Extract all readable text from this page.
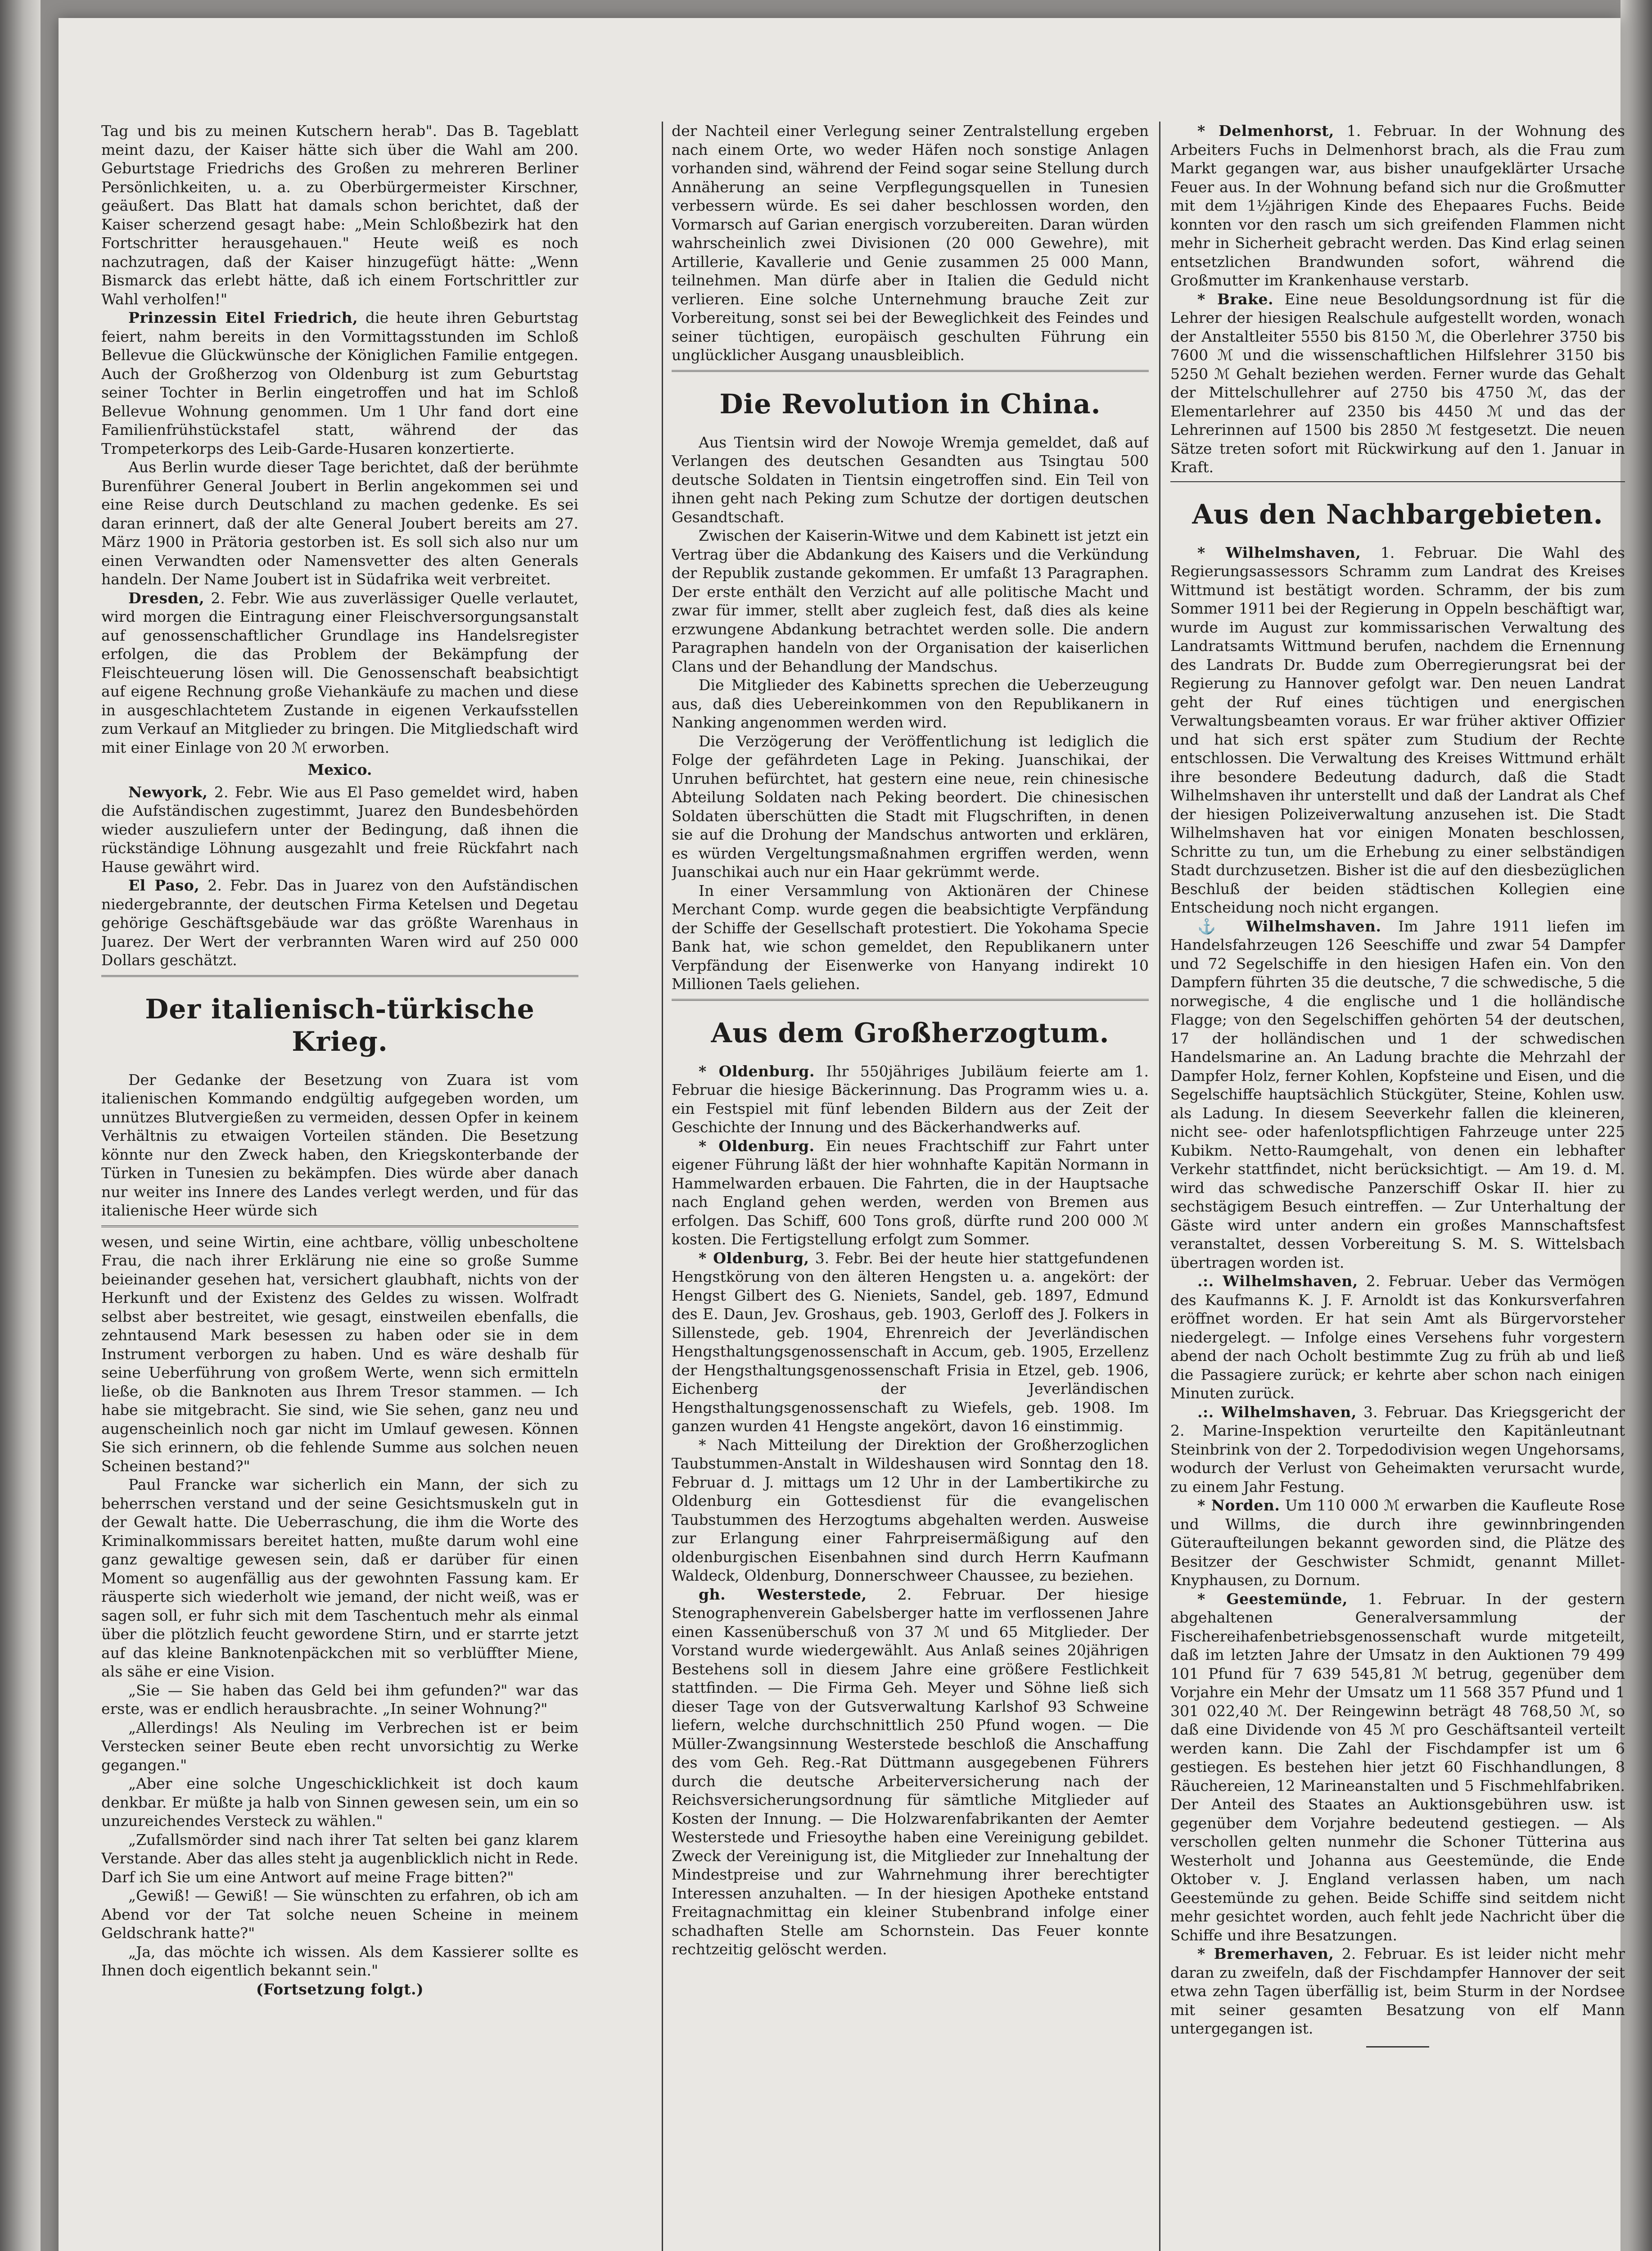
Tag und bis zu meinen Kutschern herab". Das B. Tageblatt meint dazu, der Kaiser hätte sich über die Wahl am 200. Geburtstage Friedrichs des Großen zu mehreren Berliner Persönlichkeiten, u. a. zu Oberbürgermeister Kirschner, geäußert. Das Blatt hat damals schon berichtet, daß der Kaiser scherzend gesagt habe: „Mein Schloßbezirk hat den Fortschritter herausgehauen." Heute weiß es noch nachzutragen, daß der Kaiser hinzugefügt hätte: „Wenn Bismarck das erlebt hätte, daß ich einem Fortschrittler zur Wahl verholfen!"

Prinzessin Eitel Friedrich, die heute ihren Geburtstag feiert, nahm bereits in den Vormittagsstunden im Schloß Bellevue die Glückwünsche der Königlichen Familie entgegen. Auch der Großherzog von Oldenburg ist zum Geburtstag seiner Tochter in Berlin eingetroffen und hat im Schloß Bellevue Wohnung genommen. Um 1 Uhr fand dort eine Familienfrühstückstafel statt, während der das Trompeterkorps des Leib-Garde-Husaren konzertierte.

Aus Berlin wurde dieser Tage berichtet, daß der berühmte Burenführer General Joubert in Berlin angekommen sei und eine Reise durch Deutschland zu machen gedenke. Es sei daran erinnert, daß der alte General Joubert bereits am 27. März 1900 in Prätoria gestorben ist. Es soll sich also nur um einen Verwandten oder Namensvetter des alten Generals handeln. Der Name Joubert ist in Südafrika weit verbreitet.

Dresden, 2. Febr. Wie aus zuverlässiger Quelle verlautet, wird morgen die Eintragung einer Fleischversorgungsanstalt auf genossenschaftlicher Grundlage ins Handelsregister erfolgen, die das Problem der Bekämpfung der Fleischteuerung lösen will. Die Genossenschaft beabsichtigt auf eigene Rechnung große Viehankäufe zu machen und diese in ausgeschlachtetem Zustande in eigenen Verkaufsstellen zum Verkauf an Mitglieder zu bringen. Die Mitgliedschaft wird mit einer Einlage von 20 ℳ erworben.

Mexico.

Newyork, 2. Febr. Wie aus El Paso gemeldet wird, haben die Aufständischen zugestimmt, Juarez den Bundesbehörden wieder auszuliefern unter der Bedingung, daß ihnen die rückständige Löhnung ausgezahlt und freie Rückfahrt nach Hause gewährt wird.

El Paso, 2. Febr. Das in Juarez von den Aufständischen niedergebrannte, der deutschen Firma Ketelsen und Degetau gehörige Geschäftsgebäude war das größte Warenhaus in Juarez. Der Wert der verbrannten Waren wird auf 250 000 Dollars geschätzt.

Der italienisch-türkische Krieg.

Der Gedanke der Besetzung von Zuara ist vom italienischen Kommando endgültig aufgegeben worden, um unnützes Blutvergießen zu vermeiden, dessen Opfer in keinem Verhältnis zu etwaigen Vorteilen ständen. Die Besetzung könnte nur den Zweck haben, den Kriegskonterbande der Türken in Tunesien zu bekämpfen. Dies würde aber danach nur weiter ins Innere des Landes verlegt werden, und für das italienische Heer würde sich

wesen, und seine Wirtin, eine achtbare, völlig unbescholtene Frau, die nach ihrer Erklärung nie eine so große Summe beieinander gesehen hat, versichert glaubhaft, nichts von der Herkunft und der Existenz des Geldes zu wissen. Wolfradt selbst aber bestreitet, wie gesagt, einstweilen ebenfalls, die zehntausend Mark besessen zu haben oder sie in dem Instrument verborgen zu haben. Und es wäre deshalb für seine Ueberführung von großem Werte, wenn sich ermitteln ließe, ob die Banknoten aus Ihrem Tresor stammen. — Ich habe sie mitgebracht. Sie sind, wie Sie sehen, ganz neu und augenscheinlich noch gar nicht im Umlauf gewesen. Können Sie sich erinnern, ob die fehlende Summe aus solchen neuen Scheinen bestand?"

Paul Francke war sicherlich ein Mann, der sich zu beherrschen verstand und der seine Gesichtsmuskeln gut in der Gewalt hatte. Die Ueberraschung, die ihm die Worte des Kriminalkommissars bereitet hatten, mußte darum wohl eine ganz gewaltige gewesen sein, daß er darüber für einen Moment so augenfällig aus der gewohnten Fassung kam. Er räusperte sich wiederholt wie jemand, der nicht weiß, was er sagen soll, er fuhr sich mit dem Taschentuch mehr als einmal über die plötzlich feucht gewordene Stirn, und er starrte jetzt auf das kleine Banknotenpäckchen mit so verblüffter Miene, als sähe er eine Vision.

„Sie — Sie haben das Geld bei ihm gefunden?" war das erste, was er endlich herausbrachte. „In seiner Wohnung?"

„Allerdings! Als Neuling im Verbrechen ist er beim Verstecken seiner Beute eben recht unvorsichtig zu Werke gegangen."

„Aber eine solche Ungeschicklichkeit ist doch kaum denkbar. Er müßte ja halb von Sinnen gewesen sein, um ein so unzureichendes Versteck zu wählen."

„Zufallsmörder sind nach ihrer Tat selten bei ganz klarem Verstande. Aber das alles steht ja augenblicklich nicht in Rede. Darf ich Sie um eine Antwort auf meine Frage bitten?"

„Gewiß! — Gewiß! — Sie wünschten zu erfahren, ob ich am Abend vor der Tat solche neuen Scheine in meinem Geldschrank hatte?"

„Ja, das möchte ich wissen. Als dem Kassierer sollte es Ihnen doch eigentlich bekannt sein."

(Fortsetzung folgt.)

der Nachteil einer Verlegung seiner Zentralstellung ergeben nach einem Orte, wo weder Häfen noch sonstige Anlagen vorhanden sind, während der Feind sogar seine Stellung durch Annäherung an seine Verpflegungsquellen in Tunesien verbessern würde. Es sei daher beschlossen worden, den Vormarsch auf Garian energisch vorzubereiten. Daran würden wahrscheinlich zwei Divisionen (20 000 Gewehre), mit Artillerie, Kavallerie und Genie zusammen 25 000 Mann, teilnehmen. Man dürfe aber in Italien die Geduld nicht verlieren. Eine solche Unternehmung brauche Zeit zur Vorbereitung, sonst sei bei der Beweglichkeit des Feindes und seiner tüchtigen, europäisch geschulten Führung ein unglücklicher Ausgang unausbleiblich.

Die Revolution in China.

Aus Tientsin wird der Nowoje Wremja gemeldet, daß auf Verlangen des deutschen Gesandten aus Tsingtau 500 deutsche Soldaten in Tientsin eingetroffen sind. Ein Teil von ihnen geht nach Peking zum Schutze der dortigen deutschen Gesandtschaft.

Zwischen der Kaiserin-Witwe und dem Kabinett ist jetzt ein Vertrag über die Abdankung des Kaisers und die Verkündung der Republik zustande gekommen. Er umfaßt 13 Paragraphen. Der erste enthält den Verzicht auf alle politische Macht und zwar für immer, stellt aber zugleich fest, daß dies als keine erzwungene Abdankung betrachtet werden solle. Die andern Paragraphen handeln von der Organisation der kaiserlichen Clans und der Behandlung der Mandschus.

Die Mitglieder des Kabinetts sprechen die Ueberzeugung aus, daß dies Uebereinkommen von den Republikanern in Nanking angenommen werden wird.

Die Verzögerung der Veröffentlichung ist lediglich die Folge der gefährdeten Lage in Peking. Juanschikai, der Unruhen befürchtet, hat gestern eine neue, rein chinesische Abteilung Soldaten nach Peking beordert. Die chinesischen Soldaten überschütten die Stadt mit Flugschriften, in denen sie auf die Drohung der Mandschus antworten und erklären, es würden Vergeltungsmaßnahmen ergriffen werden, wenn Juanschikai auch nur ein Haar gekrümmt werde.

In einer Versammlung von Aktionären der Chinese Merchant Comp. wurde gegen die beabsichtigte Verpfändung der Schiffe der Gesellschaft protestiert. Die Yokohama Specie Bank hat, wie schon gemeldet, den Republikanern unter Verpfändung der Eisenwerke von Hanyang indirekt 10 Millionen Taels geliehen.

Aus dem Großherzogtum.

* Oldenburg. Ihr 550jähriges Jubiläum feierte am 1. Februar die hiesige Bäckerinnung. Das Programm wies u. a. ein Festspiel mit fünf lebenden Bildern aus der Zeit der Geschichte der Innung und des Bäckerhandwerks auf.

* Oldenburg. Ein neues Frachtschiff zur Fahrt unter eigener Führung läßt der hier wohnhafte Kapitän Normann in Hammelwarden erbauen. Die Fahrten, die in der Hauptsache nach England gehen werden, werden von Bremen aus erfolgen. Das Schiff, 600 Tons groß, dürfte rund 200 000 ℳ kosten. Die Fertigstellung erfolgt zum Sommer.

* Oldenburg, 3. Febr. Bei der heute hier stattgefundenen Hengstkörung von den älteren Hengsten u. a. angekört: der Hengst Gilbert des G. Nieniets, Sandel, geb. 1897, Edmund des E. Daun, Jev. Groshaus, geb. 1903, Gerloff des J. Folkers in Sillenstede, geb. 1904, Ehrenreich der Jeverländischen Hengsthaltungsgenossenschaft in Accum, geb. 1905, Erzellenz der Hengsthaltungsgenossenschaft Frisia in Etzel, geb. 1906, Eichenberg der Jeverländischen Hengsthaltungsgenossenschaft zu Wiefels, geb. 1908. Im ganzen wurden 41 Hengste angekört, davon 16 einstimmig.

* Nach Mitteilung der Direktion der Großherzoglichen Taubstummen-Anstalt in Wildeshausen wird Sonntag den 18. Februar d. J. mittags um 12 Uhr in der Lambertikirche zu Oldenburg ein Gottesdienst für die evangelischen Taubstummen des Herzogtums abgehalten werden. Ausweise zur Erlangung einer Fahrpreisermäßigung auf den oldenburgischen Eisenbahnen sind durch Herrn Kaufmann Waldeck, Oldenburg, Donnerschweer Chaussee, zu beziehen.

gh. Westerstede, 2. Februar. Der hiesige Stenographenverein Gabelsberger hatte im verflossenen Jahre einen Kassenüberschuß von 37 ℳ und 65 Mitglieder. Der Vorstand wurde wiedergewählt. Aus Anlaß seines 20jährigen Bestehens soll in diesem Jahre eine größere Festlichkeit stattfinden. — Die Firma Geh. Meyer und Söhne ließ sich dieser Tage von der Gutsverwaltung Karlshof 93 Schweine liefern, welche durchschnittlich 250 Pfund wogen. — Die Müller-Zwangsinnung Westerstede beschloß die Anschaffung des vom Geh. Reg.-Rat Düttmann ausgegebenen Führers durch die deutsche Arbeiterversicherung nach der Reichsversicherungsordnung für sämtliche Mitglieder auf Kosten der Innung. — Die Holzwarenfabrikanten der Aemter Westerstede und Friesoythe haben eine Vereinigung gebildet. Zweck der Vereinigung ist, die Mitglieder zur Innehaltung der Mindestpreise und zur Wahrnehmung ihrer berechtigter Interessen anzuhalten. — In der hiesigen Apotheke entstand Freitagnachmittag ein kleiner Stubenbrand infolge einer schadhaften Stelle am Schornstein. Das Feuer konnte rechtzeitig gelöscht werden.

* Delmenhorst, 1. Februar. In der Wohnung des Arbeiters Fuchs in Delmenhorst brach, als die Frau zum Markt gegangen war, aus bisher unaufgeklärter Ursache Feuer aus. In der Wohnung befand sich nur die Großmutter mit dem 1½jährigen Kinde des Ehepaares Fuchs. Beide konnten vor den rasch um sich greifenden Flammen nicht mehr in Sicherheit gebracht werden. Das Kind erlag seinen entsetzlichen Brandwunden sofort, während die Großmutter im Krankenhause verstarb.

* Brake. Eine neue Besoldungsordnung ist für die Lehrer der hiesigen Realschule aufgestellt worden, wonach der Anstaltleiter 5550 bis 8150 ℳ, die Oberlehrer 3750 bis 7600 ℳ und die wissenschaftlichen Hilfslehrer 3150 bis 5250 ℳ Gehalt beziehen werden. Ferner wurde das Gehalt der Mittelschullehrer auf 2750 bis 4750 ℳ, das der Elementarlehrer auf 2350 bis 4450 ℳ und das der Lehrerinnen auf 1500 bis 2850 ℳ festgesetzt. Die neuen Sätze treten sofort mit Rückwirkung auf den 1. Januar in Kraft.

Aus den Nachbargebieten.

* Wilhelmshaven, 1. Februar. Die Wahl des Regierungsassessors Schramm zum Landrat des Kreises Wittmund ist bestätigt worden. Schramm, der bis zum Sommer 1911 bei der Regierung in Oppeln beschäftigt war, wurde im August zur kommissarischen Verwaltung des Landratsamts Wittmund berufen, nachdem die Ernennung des Landrats Dr. Budde zum Oberregierungsrat bei der Regierung zu Hannover gefolgt war. Den neuen Landrat geht der Ruf eines tüchtigen und energischen Verwaltungsbeamten voraus. Er war früher aktiver Offizier und hat sich erst später zum Studium der Rechte entschlossen. Die Verwaltung des Kreises Wittmund erhält ihre besondere Bedeutung dadurch, daß die Stadt Wilhelmshaven ihr unterstellt und daß der Landrat als Chef der hiesigen Polizeiverwaltung anzusehen ist. Die Stadt Wilhelmshaven hat vor einigen Monaten beschlossen, Schritte zu tun, um die Erhebung zu einer selbständigen Stadt durchzusetzen. Bisher ist die auf den diesbezüglichen Beschluß der beiden städtischen Kollegien eine Entscheidung noch nicht ergangen.

⚓ Wilhelmshaven. Im Jahre 1911 liefen im Handelsfahrzeugen 126 Seeschiffe und zwar 54 Dampfer und 72 Segelschiffe in den hiesigen Hafen ein. Von den Dampfern führten 35 die deutsche, 7 die schwedische, 5 die norwegische, 4 die englische und 1 die holländische Flagge; von den Segelschiffen gehörten 54 der deutschen, 17 der holländischen und 1 der schwedischen Handelsmarine an. An Ladung brachte die Mehrzahl der Dampfer Holz, ferner Kohlen, Kopfsteine und Eisen, und die Segelschiffe hauptsächlich Stückgüter, Steine, Kohlen usw. als Ladung. In diesem Seeverkehr fallen die kleineren, nicht see- oder hafenlotspflichtigen Fahrzeuge unter 225 Kubikm. Netto-Raumgehalt, von denen ein lebhafter Verkehr stattfindet, nicht berücksichtigt. — Am 19. d. M. wird das schwedische Panzerschiff Oskar II. hier zu sechstägigem Besuch eintreffen. — Zur Unterhaltung der Gäste wird unter andern ein großes Mannschaftsfest veranstaltet, dessen Vorbereitung S. M. S. Wittelsbach übertragen worden ist.

.:. Wilhelmshaven, 2. Februar. Ueber das Vermögen des Kaufmanns K. J. F. Arnoldt ist das Konkursverfahren eröffnet worden. Er hat sein Amt als Bürgervorsteher niedergelegt. — Infolge eines Versehens fuhr vorgestern abend der nach Ocholt bestimmte Zug zu früh ab und ließ die Passagiere zurück; er kehrte aber schon nach einigen Minuten zurück.

.:. Wilhelmshaven, 3. Februar. Das Kriegsgericht der 2. Marine-Inspektion verurteilte den Kapitänleutnant Steinbrink von der 2. Torpedodivision wegen Ungehorsams, wodurch der Verlust von Geheimakten verursacht wurde, zu einem Jahr Festung.

* Norden. Um 110 000 ℳ erwarben die Kaufleute Rose und Willms, die durch ihre gewinnbringenden Güteraufteilungen bekannt geworden sind, die Plätze des Besitzer der Geschwister Schmidt, genannt Millet-Knyphausen, zu Dornum.

* Geestemünde, 1. Februar. In der gestern abgehaltenen Generalversammlung der Fischereihafenbetriebsgenossenschaft wurde mitgeteilt, daß im letzten Jahre der Umsatz in den Auktionen 79 499 101 Pfund für 7 639 545,81 ℳ betrug, gegenüber dem Vorjahre ein Mehr der Umsatz um 11 568 357 Pfund und 1 301 022,40 ℳ. Der Reingewinn beträgt 48 768,50 ℳ, so daß eine Dividende von 45 ℳ pro Geschäftsanteil verteilt werden kann. Die Zahl der Fischdampfer ist um 6 gestiegen. Es bestehen hier jetzt 60 Fischhandlungen, 8 Räuchereien, 12 Marineanstalten und 5 Fischmehlfabriken. Der Anteil des Staates an Auktionsgebühren usw. ist gegenüber dem Vorjahre bedeutend gestiegen. — Als verschollen gelten nunmehr die Schoner Tütterina aus Westerholt und Johanna aus Geestemünde, die Ende Oktober v. J. England verlassen haben, um nach Geestemünde zu gehen. Beide Schiffe sind seitdem nicht mehr gesichtet worden, auch fehlt jede Nachricht über die Schiffe und ihre Besatzungen.

* Bremerhaven, 2. Februar. Es ist leider nicht mehr daran zu zweifeln, daß der Fischdampfer Hannover der seit etwa zehn Tagen überfällig ist, beim Sturm in der Nordsee mit seiner gesamten Besatzung von elf Mann untergegangen ist.
